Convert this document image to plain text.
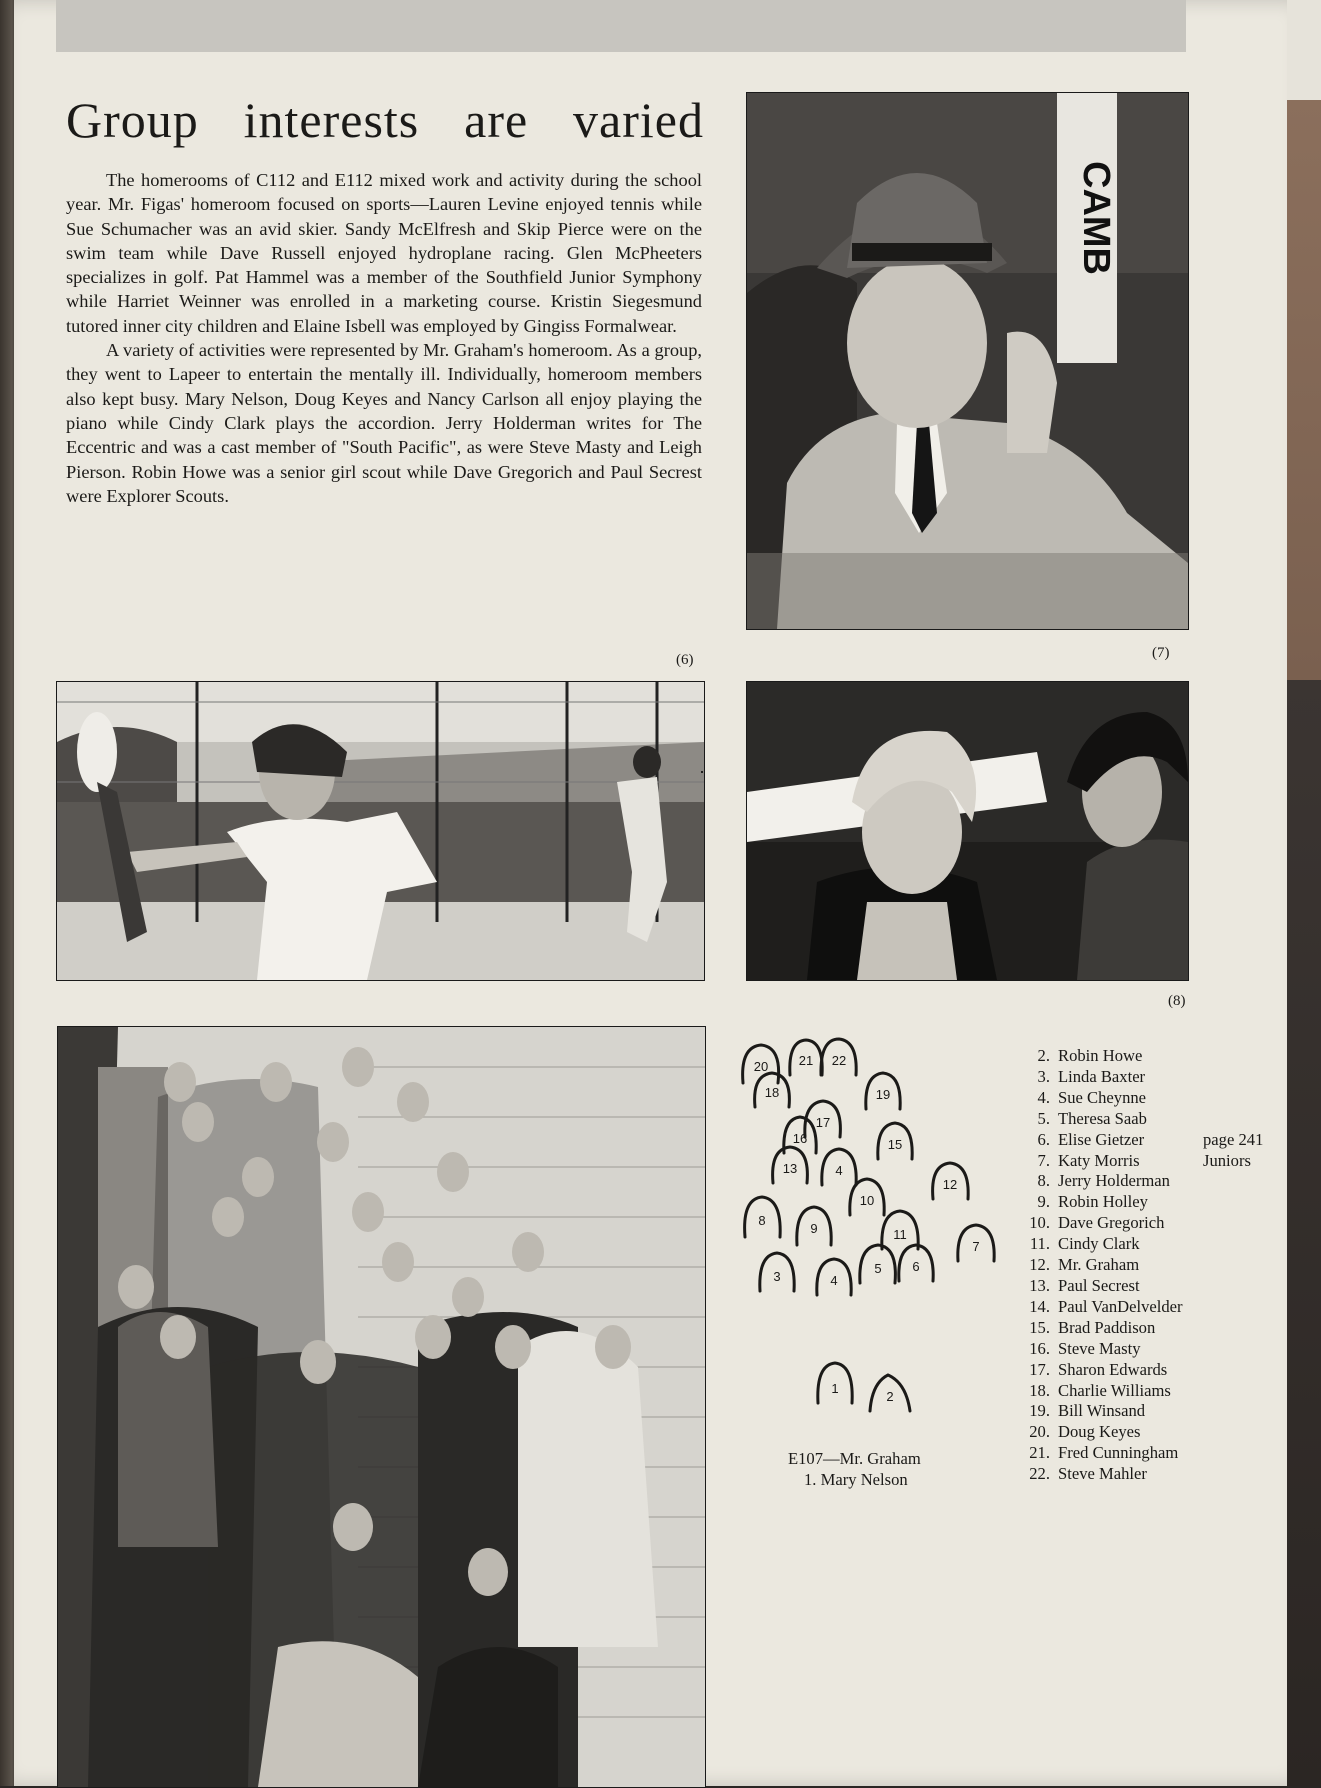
Group interests are varied

The homerooms of C112 and E112 mixed work and activity during the school year. Mr. Figas' homeroom focused on sports—Lauren Levine enjoyed tennis while Sue Schumacher was an avid skier. Sandy McElfresh and Skip Pierce were on the swim team while Dave Russell enjoyed hydroplane racing. Glen McPheeters specializes in golf. Pat Hammel was a member of the Southfield Junior Symphony while Harriet Weinner was enrolled in a marketing course. Kristin Siegesmund tutored inner city children and Elaine Isbell was employed by Gingiss Formalwear.

A variety of activities were represented by Mr. Graham's homeroom. As a group, they went to Lapeer to entertain the mentally ill. Individually, homeroom members also kept busy. Mary Nelson, Doug Keyes and Nancy Carlson all enjoy playing the piano while Cindy Clark plays the accordion. Jerry Holderman writes for The Eccentric and was a cast member of "South Pacific", as were Steve Masty and Leigh Pierson. Robin Howe was a senior girl scout while Dave Gregorich and Paul Secrest were Explorer Scouts.

CAMB
(7)
(6)
(8)
20 21 22
18	19
17
16	15
13	4
12
10
8
9	11
7
3
5 6
4
1
2
E107—Mr. Graham
1. Mary Nelson
2. Robin Howe
3. Linda Baxter
4. Sue Cheynne
5. Theresa Saab
6. Elise Gietzer
7. Katy Morris
8. Jerry Holderman
9. Robin Holley
10. Dave Gregorich
11. Cindy Clark
12. Mr. Graham
13. Paul Secrest
14. Paul VanDelvelder
15. Brad Paddison
16. Steve Masty
17. Sharon Edwards
18. Charlie Williams
19. Bill Winsand
20. Doug Keyes
21. Fred Cunningham
22. Steve Mahler
page 241
Juniors
